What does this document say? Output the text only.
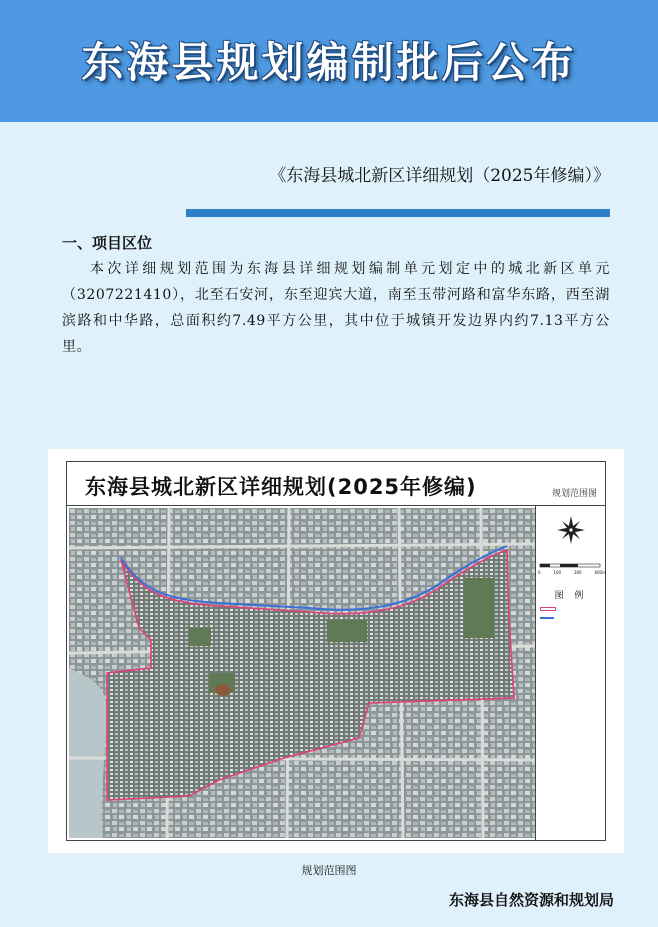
东海县规划编制批后公布
《东海县城北新区详细规划（2025年修编）》
一、项目区位
本次详细规划范围为东海县详细规划编制单元划定中的城北新区单元（3207221410），北至石安河，东至迎宾大道，南至玉带河路和富华东路，西至湖滨路和中华路，总面积约7.49平方公里，其中位于城镇开发边界内约7.13平方公里。
东海县城北新区详细规划(2025年修编)	规划范围图
0	100	300	600m
图 例
规划范围图
东海县自然资源和规划局
